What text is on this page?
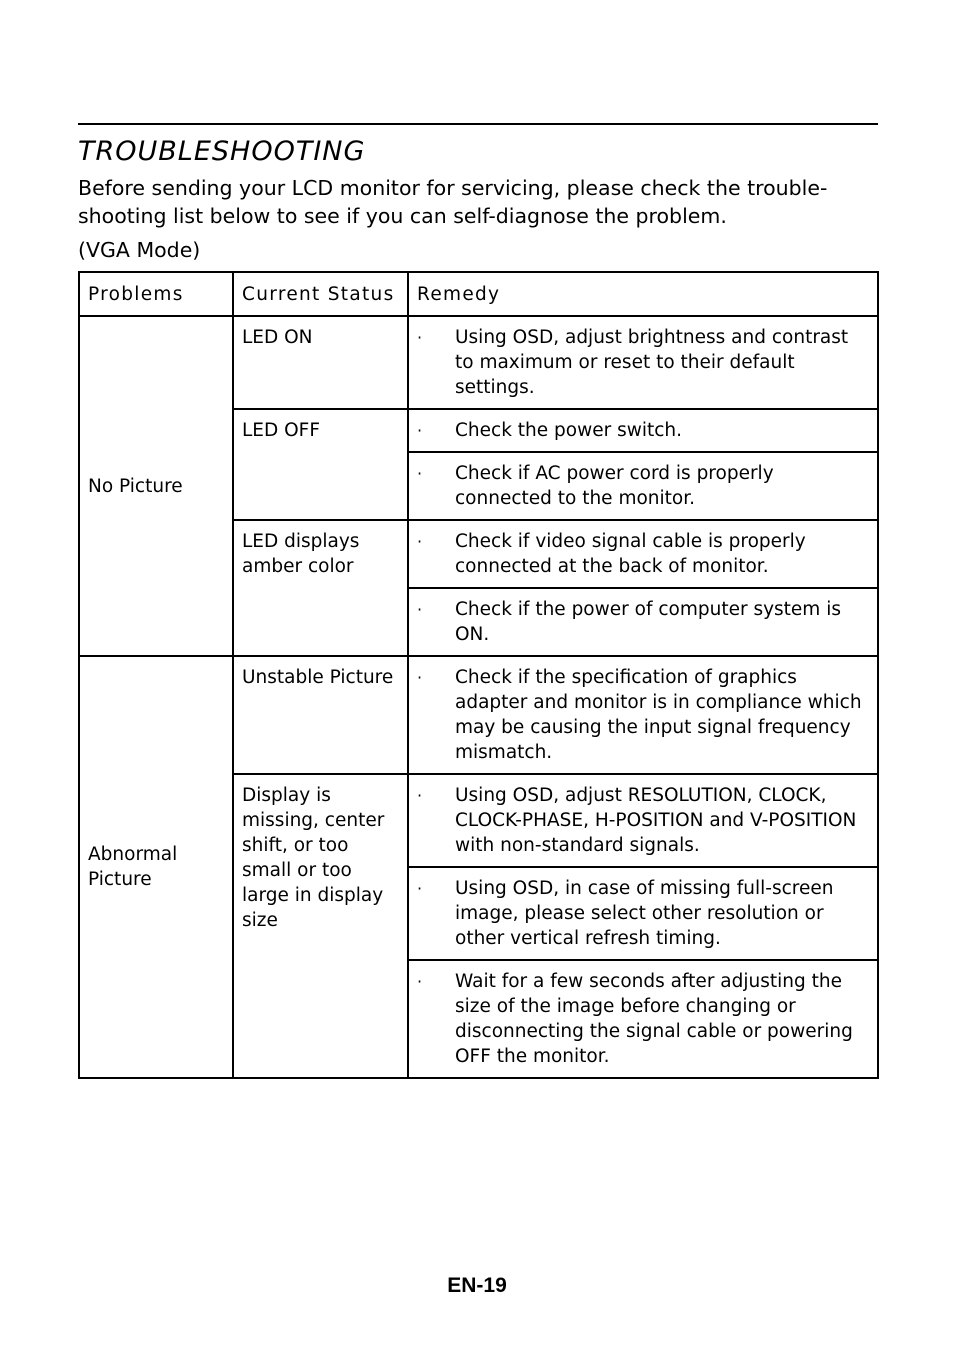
TROUBLESHOOTING

Before sending your LCD monitor for servicing, please check the trouble-shooting list below to see if you can self-diagnose the problem.

(VGA Mode)

Problems	Current Status	Remedy
No Picture	LED ON	· Using OSD, adjust brightness and contrast to maximum or reset to their default settings.

	LED OFF	· Check the power switch.

		· Check if AC power cord is properly connected to the monitor.

	LED displays amber color	· Check if video signal cable is properly connected at the back of monitor.

		· Check if the power of computer system is ON.

Abnormal Picture	Unstable Picture	· Check if the specification of graphics adapter and monitor is in compliance which may be causing the input signal frequency mismatch.

	Display is missing, center shift, or too small or too large in display size	· Using OSD, adjust RESOLUTION, CLOCK, CLOCK-PHASE, H-POSITION and V-POSITION with non-standard signals.

		· Using OSD, in case of missing full-screen image, please select other resolution or other vertical refresh timing.

		· Wait for a few seconds after adjusting the size of the image before changing or disconnecting the signal cable or powering OFF the monitor.
EN-19
